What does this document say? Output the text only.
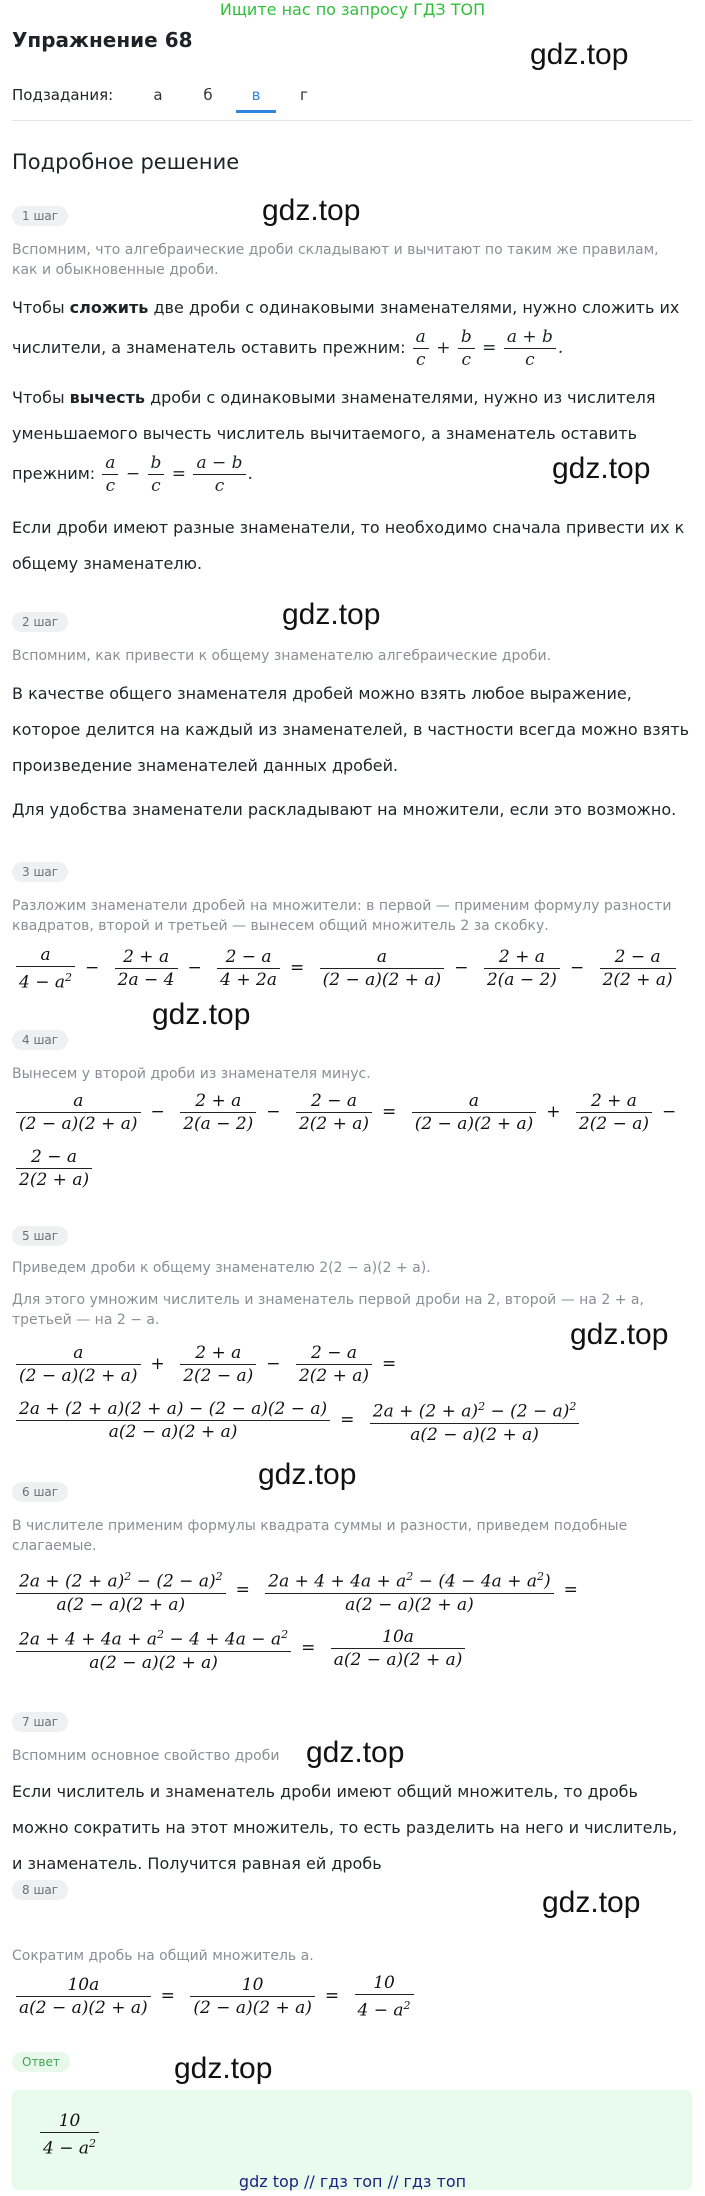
Ищите нас по запросу ГДЗ ТОП
Упражнение 68	gdz.top
Подзадания:	а	б	в	г
Подробное решение
1 шаг	gdz.top
Вспомним, что алгебраические дроби складывают и вычитают по таким же правилам, как и обыкновенные дроби.
Чтобы сложить две дроби с одинаковыми знаменателями, нужно сложить их числители, а знаменатель оставить прежним: $\frac{a}{c} + \frac{b}{c} = \frac{a + b}{c}$ .
Чтобы вычесть дроби с одинаковыми знаменателями, нужно из числителя уменьшаемого вычесть числитель вычитаемого, а знаменатель оставить прежним: $\frac{a}{c} - \frac{b}{c} = \frac{a - b}{c}$ .	gdz.top
Если дроби имеют разные знаменатели, то необходимо сначала привести их к общему знаменателю.
2 шаг	gdz.top
Вспомним, как привести к общему знаменателю алгебраические дроби.
В качестве общего знаменателя дробей можно взять любое выражение, которое делится на каждый из знаменателей, в частности всегда можно взять произведение знаменателей данных дробей.
Для удобства знаменатели раскладывают на множители, если это возможно.
3 шаг
Разложим знаменатели дробей на множители: в первой — применим формулу разности квадратов, второй и третьей — вынесем общий множитель 2 за скобку.
$\frac{a}{4 - a^2} - \frac{2 + a}{2a - 4} - \frac{2 - a}{4 + 2a} = \frac{a}{(2 - a)(2 + a)} - \frac{2 + a}{2(a - 2)} - \frac{2 - a}{2(2 + a)}$
gdz.top
4 шаг
Вынесем у второй дроби из знаменателя минус.
$\frac{a}{(2 - a)(2 + a)} - \frac{2 + a}{2(a - 2)} - \frac{2 - a}{2(2 + a)} = \frac{a}{(2 - a)(2 + a)} + \frac{2 + a}{2(2 - a)}$ −
$\frac{2 - a}{2(2 + a)}$
5 шаг
Приведем дроби к общему знаменателю 2(2 − a)(2 + a).
Для этого умножим числитель и знаменатель первой дроби на 2, второй — на 2 + a, третьей — на 2 − a.	gdz.top
$\frac{a}{(2 - a)(2 + a)} + \frac{2 + a}{2(2 - a)} - \frac{2 - a}{2(2 + a)}$ =
$\frac{2a + (2 + a)(2 + a) - (2 - a)(2 - a)}{a(2 - a)(2 + a)} = \frac{2a + (2 + a)^2 - (2 - a)^2}{a(2 - a)(2 + a)}$
gdz.top
6 шаг
В числителе применим формулы квадрата суммы и разности, приведем подобные слагаемые.
$\frac{2a + (2 + a)^2 - (2 - a)^2}{a(2 - a)(2 + a)} = \frac{2a + 4 + 4a + a^2 - (4 - 4a + a^2)}{a(2 - a)(2 + a)}$ =
$\frac{2a + 4 + 4a + a^2 - 4 + 4a - a^2}{a(2 - a)(2 + a)} = \frac{10a}{a(2 - a)(2 + a)}$
7 шаг
Вспомним основное свойство дроби gdz.top
Если числитель и знаменатель дроби имеют общий множитель, то дробь можно сократить на этот множитель, то есть разделить на него и числитель, и знаменатель. Получится равная ей дробь
8 шаг	gdz.top
Сократим дробь на общий множитель a.
$\frac{10a}{a(2 - a)(2 + a)} = \frac{10}{(2 - a)(2 + a)} = \frac{10}{4 - a^2}$
Ответ	gdz.top
$\frac{10}{4 - a^2}$
gdz top // гдз топ // гдз топ
